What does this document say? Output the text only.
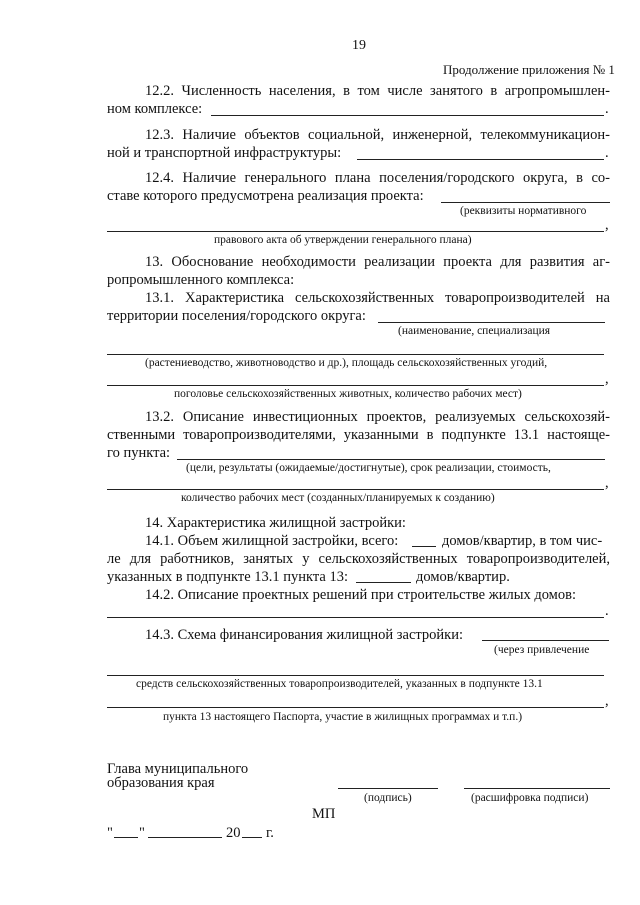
19
Продолжение приложения № 1
12.2. Численность населения, в том числе занятого в агропромышлен-
ном комплексе:	.
12.3. Наличие объектов социальной, инженерной, телекоммуникацион-
ной и транспортной инфраструктуры:	.
12.4. Наличие генерального плана поселения/городского округа, в со-
ставе которого предусмотрена реализация проекта:
(реквизиты нормативного
,
правового акта об утверждении генерального плана)
13. Обоснование необходимости реализации проекта для развития аг-
ропромышленного комплекса:
13.1. Характеристика сельскохозяйственных товаропроизводителей на
территории поселения/городского округа:
(наименование, специализация
(растениеводство, животноводство и др.), площадь сельскохозяйственных угодий,
,
поголовье сельскохозяйственных животных, количество рабочих мест)
13.2. Описание инвестиционных проектов, реализуемых сельскохозяй-
ственными товаропроизводителями, указанными в подпункте 13.1 настояще-
го пункта:
(цели, результаты (ожидаемые/достигнутые), срок реализации, стоимость,
,
количество рабочих мест (созданных/планируемых к созданию)
14. Характеристика жилищной застройки:
14.1. Объем жилищной застройки, всего:	домов/квартир, в том чис-
ле для работников, занятых у сельскохозяйственных товаропроизводителей,
указанных в подпункте 13.1 пункта 13:	домов/квартир.
14.2. Описание проектных решений при строительстве жилых домов:
.
14.3. Схема финансирования жилищной застройки:
(через привлечение
средств сельскохозяйственных товаропроизводителей, указанных в подпункте 13.1
,
пункта 13 настоящего Паспорта, участие в жилищных программах и т.п.)
Глава муниципального
образования края
(подпись)	(расшифровка подписи)
МП
" "	20 г.
